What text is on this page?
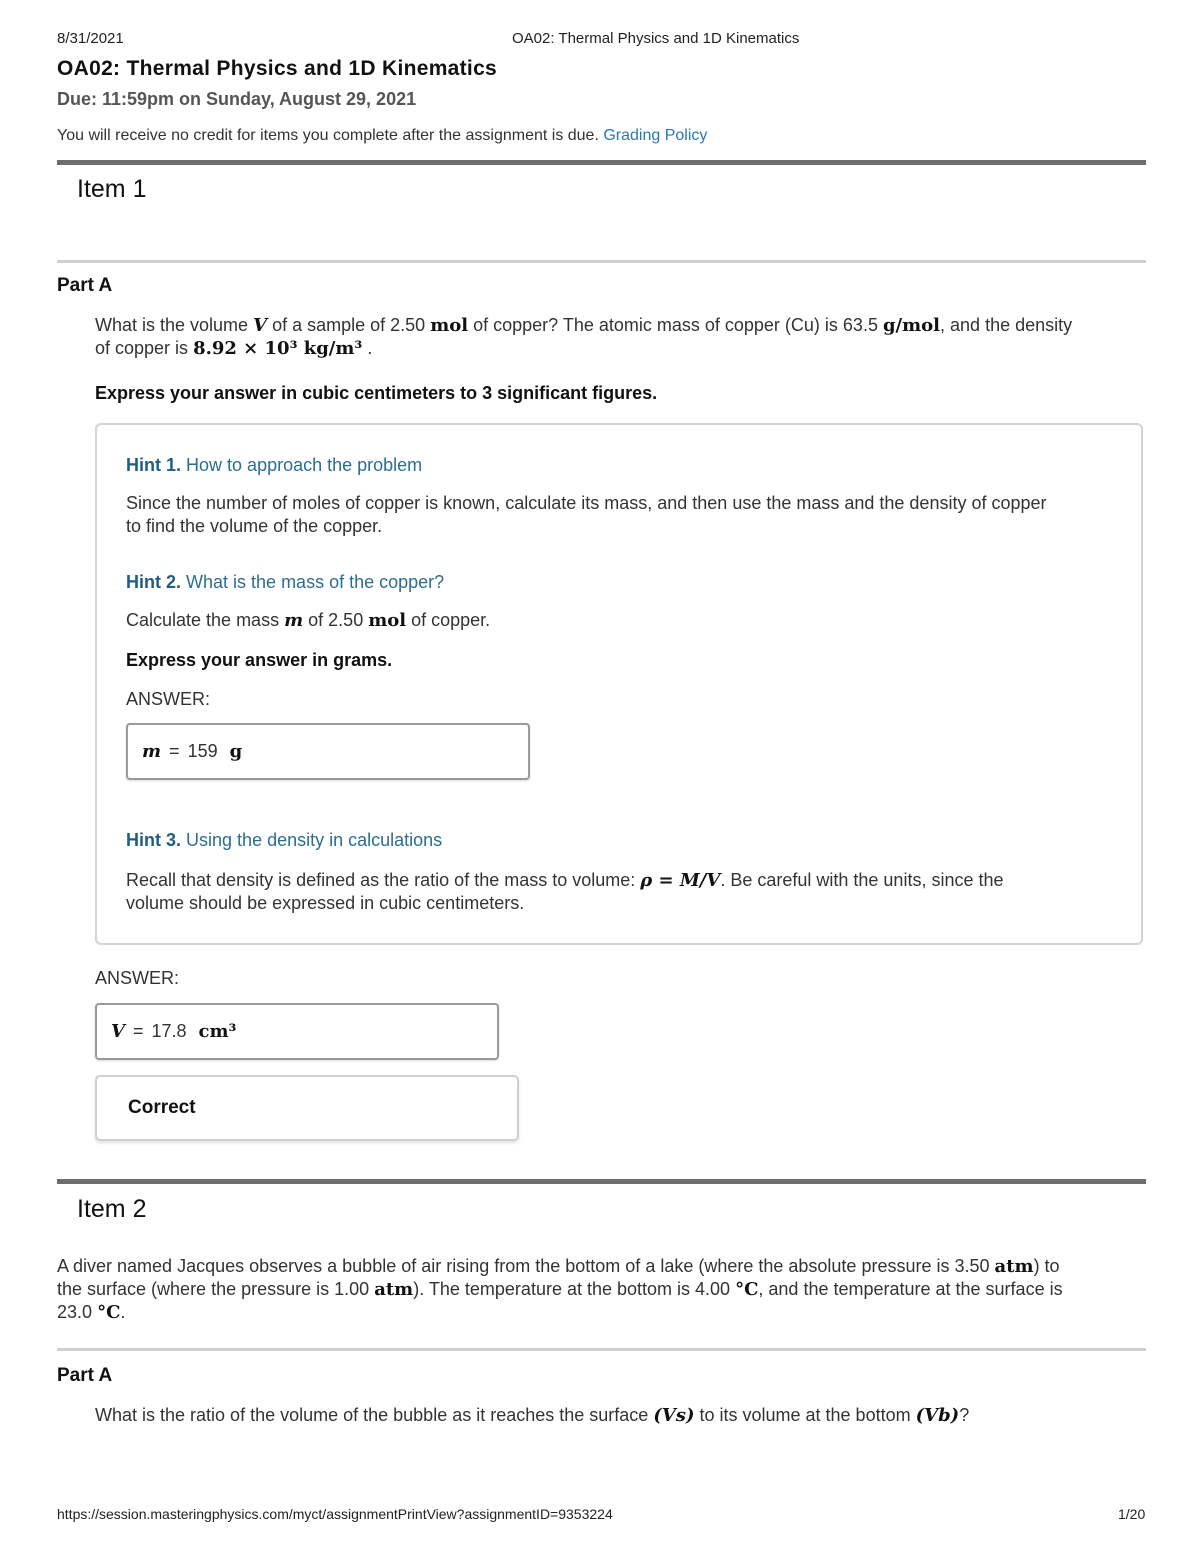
8/31/2021	OA02: Thermal Physics and 1D Kinematics
OA02: Thermal Physics and 1D Kinematics
Due: 11:59pm on Sunday, August 29, 2021
You will receive no credit for items you complete after the assignment is due. Grading Policy
Item 1
Part A
What is the volume V of a sample of 2.50 mol of copper? The atomic mass of copper (Cu) is 63.5 g/mol, and the density
of copper is 8.92 × 10³ kg/m³ .
Express your answer in cubic centimeters to 3 significant figures.
Hint 1. How to approach the problem
Since the number of moles of copper is known, calculate its mass, and then use the mass and the density of copper
to find the volume of the copper.
Hint 2. What is the mass of the copper?
Calculate the mass m of 2.50 mol of copper.
Express your answer in grams.
ANSWER:
m = 159 g
Hint 3. Using the density in calculations
Recall that density is defined as the ratio of the mass to volume: ρ = M/V. Be careful with the units, since the
volume should be expressed in cubic centimeters.
ANSWER:
V = 17.8 cm³
Correct
Item 2
A diver named Jacques observes a bubble of air rising from the bottom of a lake (where the absolute pressure is 3.50 atm) to
the surface (where the pressure is 1.00 atm). The temperature at the bottom is 4.00 °C, and the temperature at the surface is
23.0 °C.
Part A
What is the ratio of the volume of the bubble as it reaches the surface (Vs) to its volume at the bottom (Vb)?
https://session.masteringphysics.com/myct/assignmentPrintView?assignmentID=9353224	1/20
